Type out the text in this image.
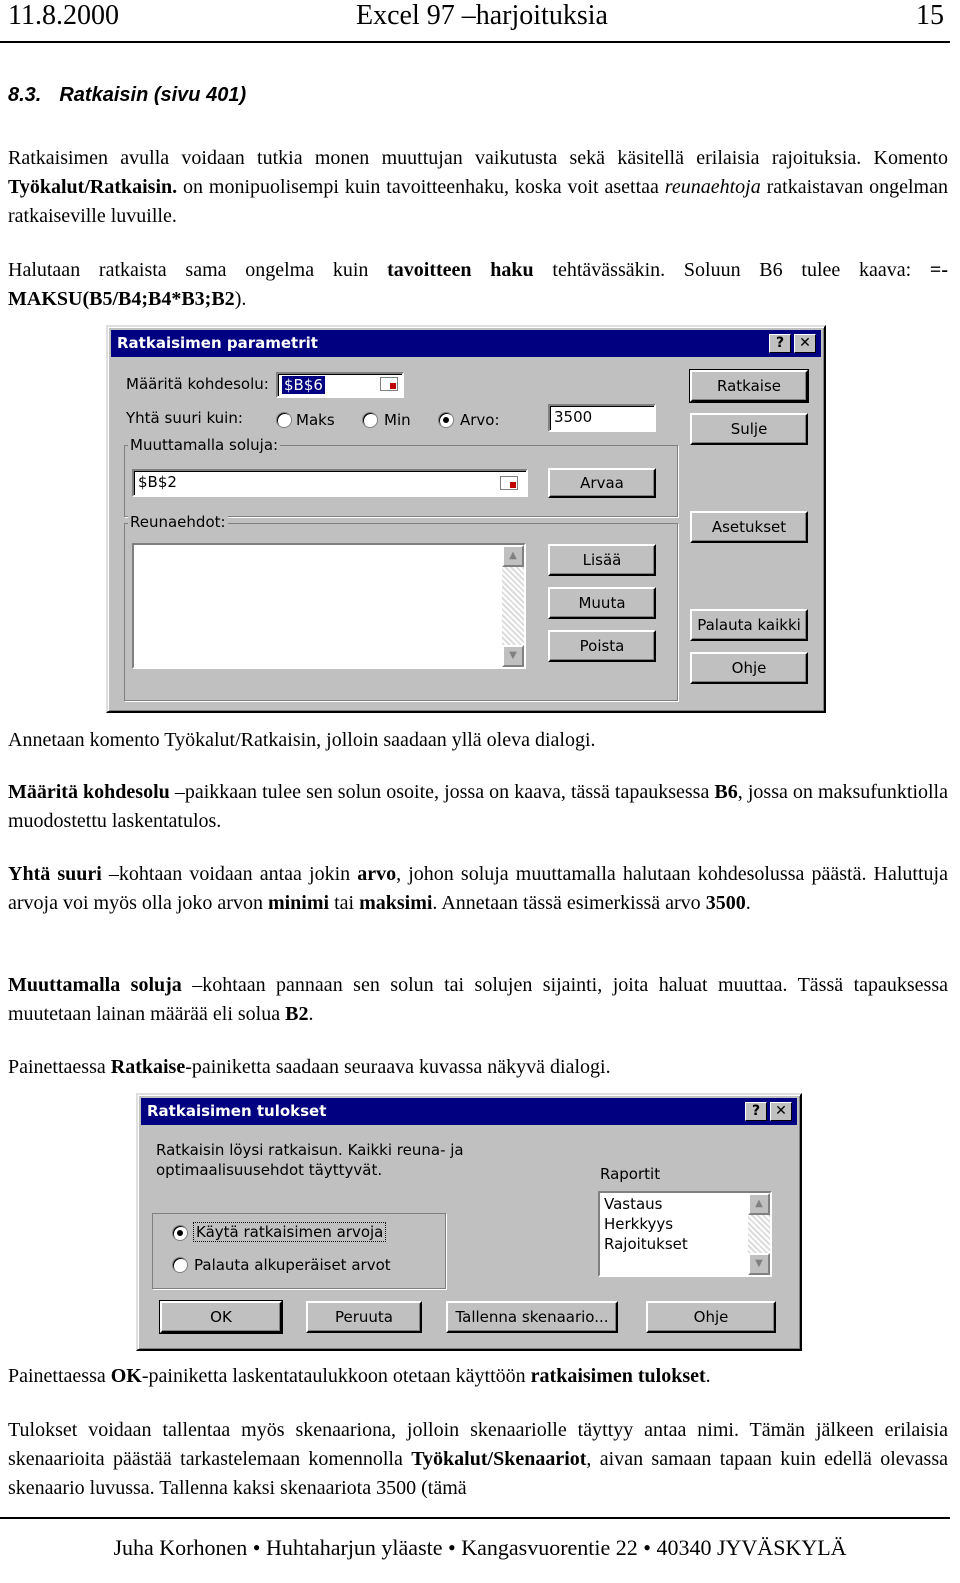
11.8.2000	Excel 97 –harjoituksia	15
8.3. Ratkaisin (sivu 401)
Ratkaisimen avulla voidaan tutkia monen muuttujan vaikutusta sekä käsitellä erilaisia rajoituksia. Komento Työkalut/Ratkaisin. on monipuolisempi kuin tavoitteenhaku, koska voit asettaa reunaehtoja ratkaistavan ongelman ratkaiseville luvuille.
Halutaan ratkaista sama ongelma kuin tavoitteen haku tehtävässäkin. Soluun B6 tulee kaava: =-MAKSU(B5/B4;B4*B3;B2).
Ratkaisimen parametrit	?	✕
Määritä kohdesolu:	$B$6
Yhtä suuri kuin:	Maks	Min	Arvo:	3500
Muuttamalla soluja:
$B$2	Arvaa
Reunaehdot:
▲
▼
Lisää
Muuta
Poista
Ratkaise
Sulje
Asetukset
Palauta kaikki
Ohje
Annetaan komento Työkalut/Ratkaisin, jolloin saadaan yllä oleva dialogi.
Määritä kohdesolu –paikkaan tulee sen solun osoite, jossa on kaava, tässä tapauksessa B6, jossa on maksufunktiolla muodostettu laskentatulos.
Yhtä suuri –kohtaan voidaan antaa jokin arvo, johon soluja muuttamalla halutaan kohdesolussa päästä. Haluttuja arvoja voi myös olla joko arvon minimi tai maksimi. Annetaan tässä esimerkissä arvo 3500.
Muuttamalla soluja –kohtaan pannaan sen solun tai solujen sijainti, joita haluat muuttaa. Tässä tapauksessa muutetaan lainan määrää eli solua B2.
Painettaessa Ratkaise-painiketta saadaan seuraava kuvassa näkyvä dialogi.
Ratkaisimen tulokset	?	✕
Ratkaisin löysi ratkaisun. Kaikki reuna- ja
optimaalisuusehdot täyttyvät.
Käytä ratkaisimen arvoja
Palauta alkuperäiset arvot
Raportit
Vastaus
Herkkyys
Rajoitukset
▲
▼
OK	Peruuta	Tallenna skenaario...	Ohje
Painettaessa OK-painiketta laskentataulukkoon otetaan käyttöön ratkaisimen tulokset.
Tulokset voidaan tallentaa myös skenaariona, jolloin skenaariolle täyttyy antaa nimi. Tämän jälkeen erilaisia skenaarioita päästää tarkastelemaan komennolla Työkalut/Skenaariot, aivan samaan tapaan kuin edellä olevassa skenaario luvussa. Tallenna kaksi skenaariota 3500 (tämä
Juha Korhonen • Huhtaharjun yläaste • Kangasvuorentie 22 • 40340 JYVÄSKYLÄ
